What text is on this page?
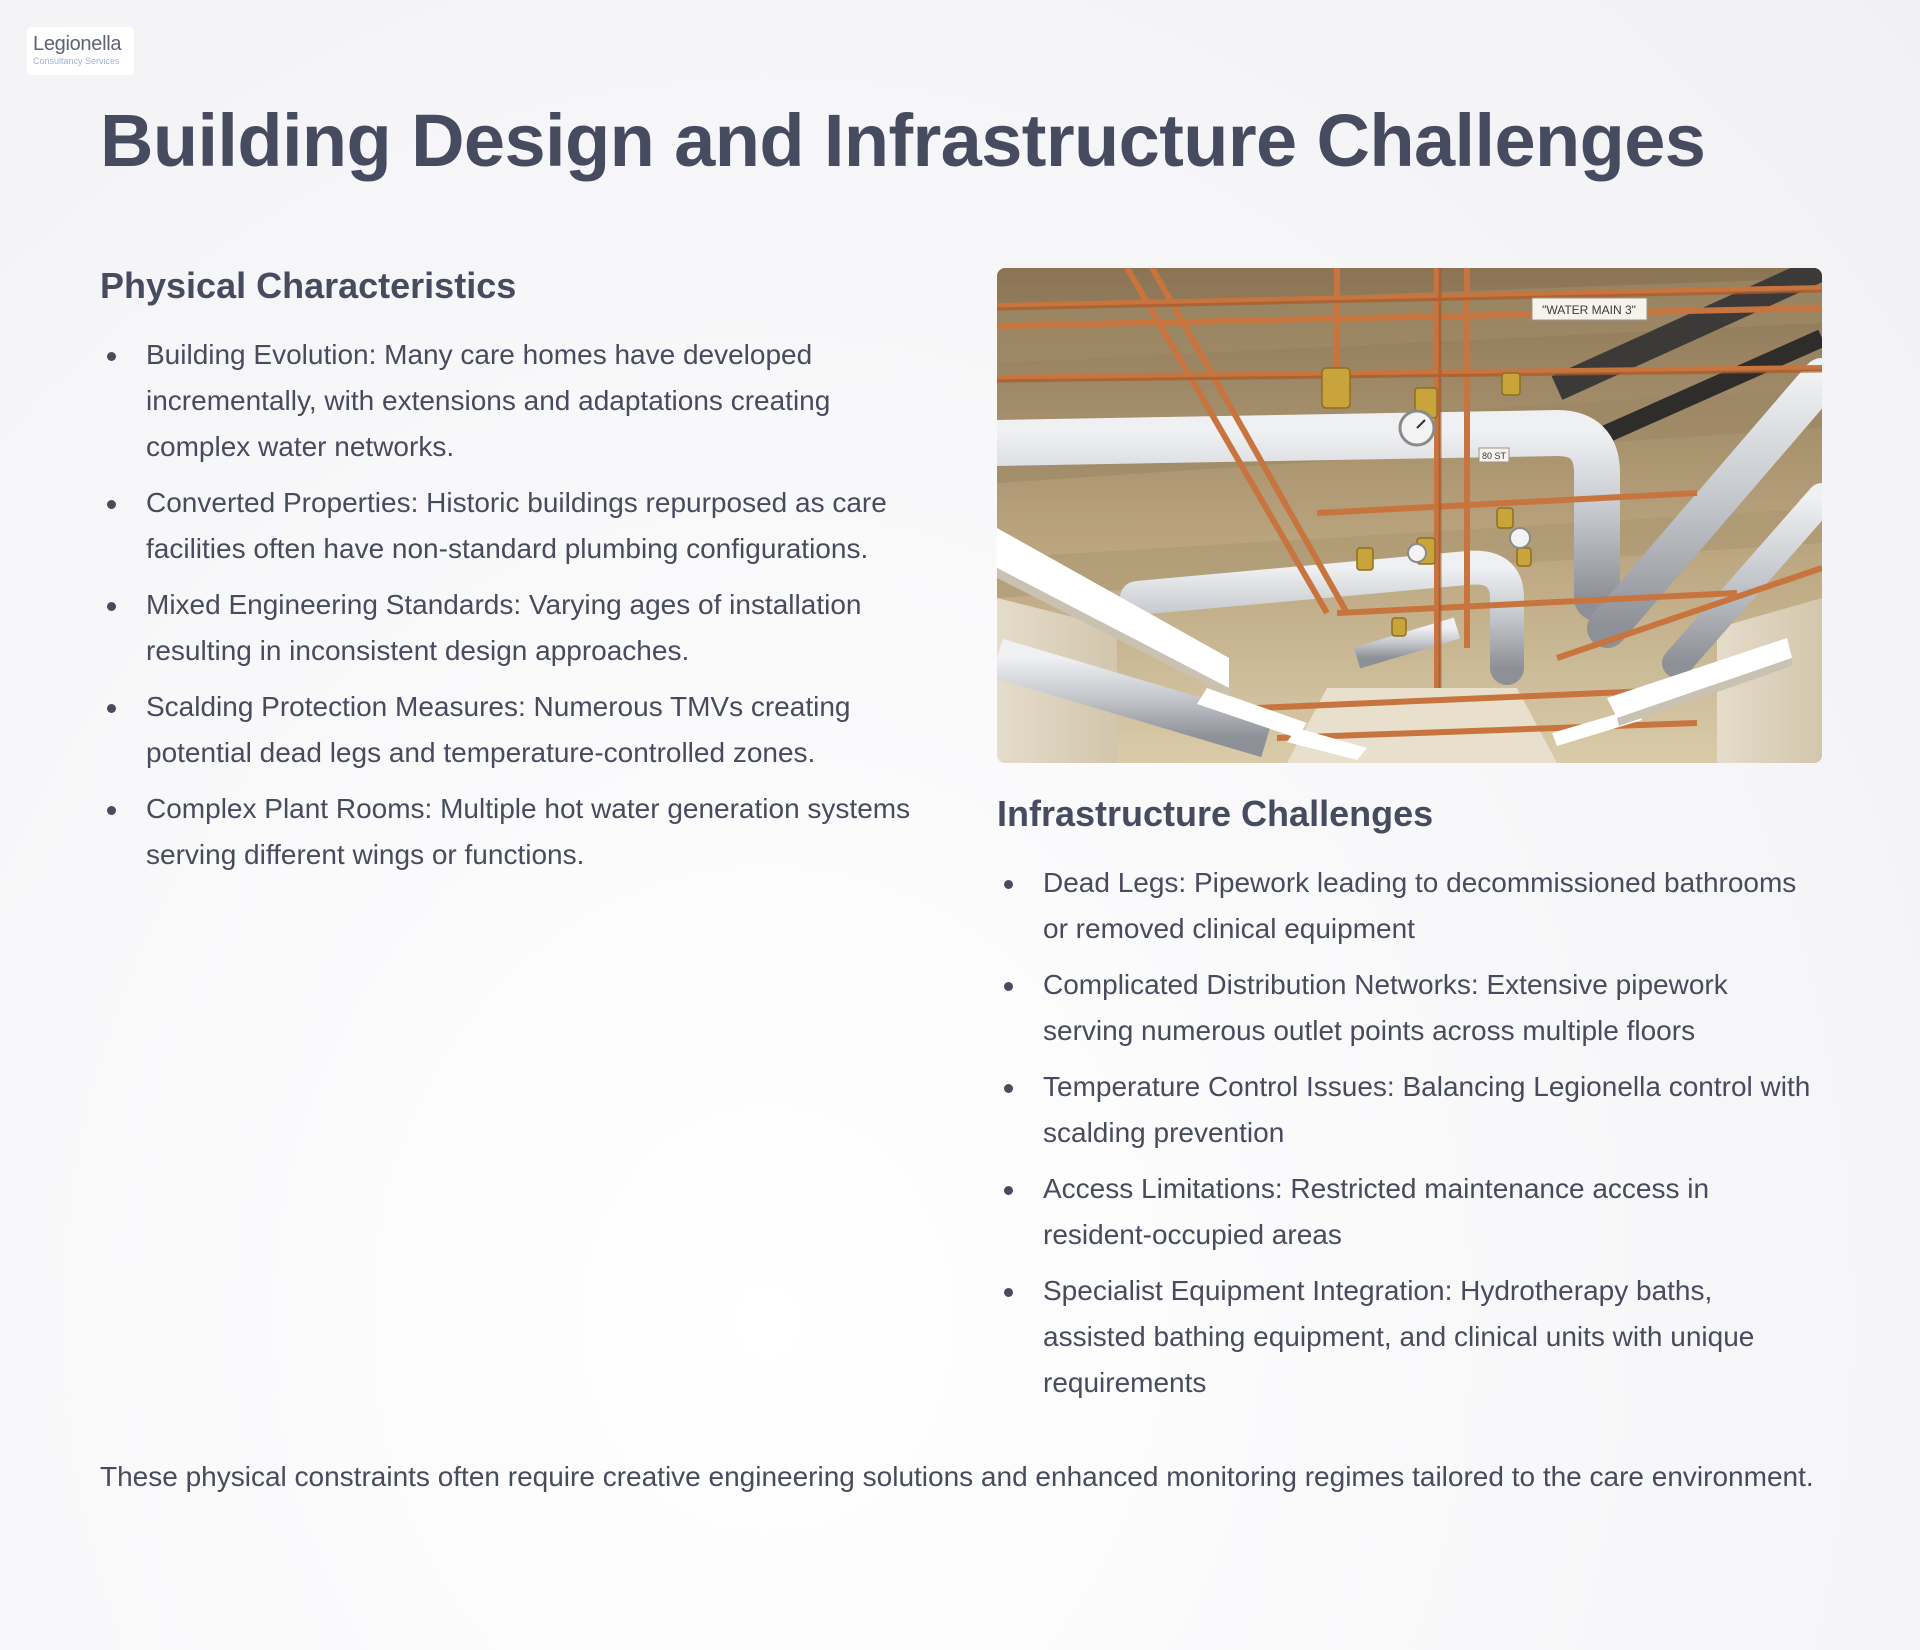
Legionella
Consultancy Services
Building Design and Infrastructure Challenges
Physical Characteristics
Building Evolution: Many care homes have developed incrementally, with extensions and adaptations creating complex water networks.
Converted Properties: Historic buildings repurposed as care facilities often have non-standard plumbing configurations.
Mixed Engineering Standards: Varying ages of installation resulting in inconsistent design approaches.
Scalding Protection Measures: Numerous TMVs creating potential dead legs and temperature-controlled zones.
Complex Plant Rooms: Multiple hot water generation systems serving different wings or functions.
"WATER MAIN 3"
80 ST
Infrastructure Challenges
Dead Legs: Pipework leading to decommissioned bathrooms or removed clinical equipment
Complicated Distribution Networks: Extensive pipework serving numerous outlet points across multiple floors
Temperature Control Issues: Balancing Legionella control with scalding prevention
Access Limitations: Restricted maintenance access in resident-occupied areas
Specialist Equipment Integration: Hydrotherapy baths, assisted bathing equipment, and clinical units with unique requirements

These physical constraints often require creative engineering solutions and enhanced monitoring regimes tailored to the care environment.
